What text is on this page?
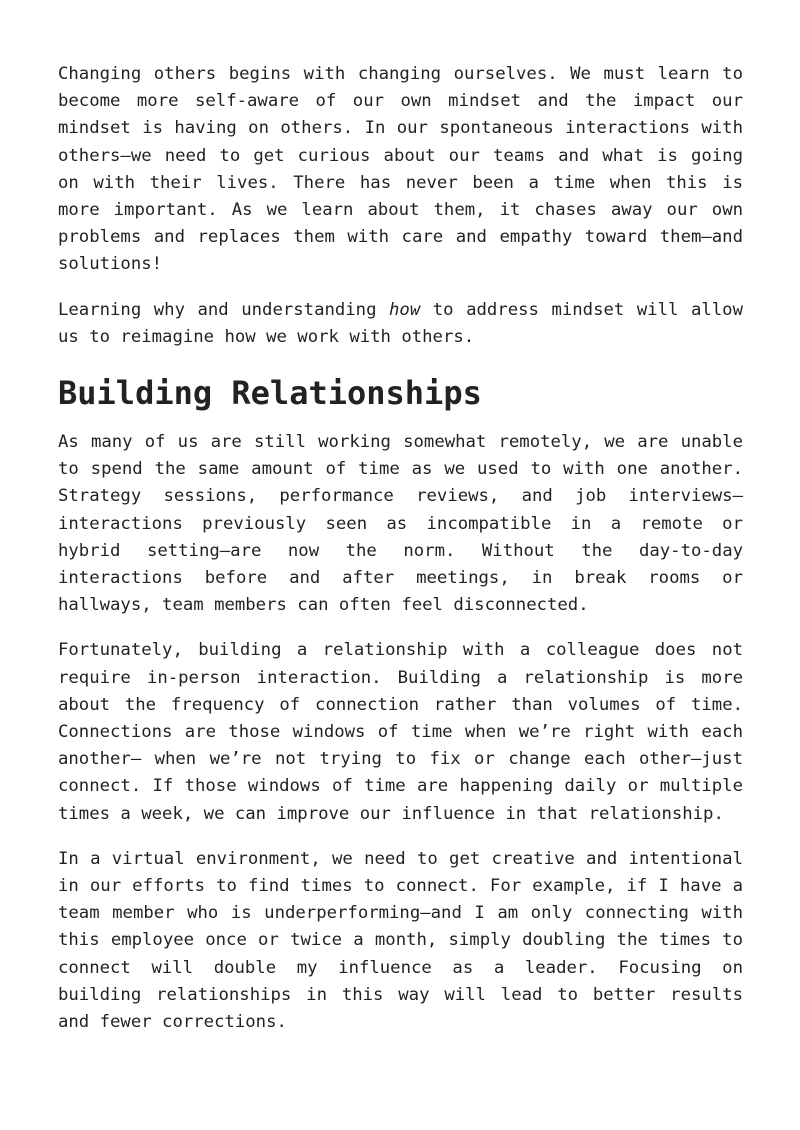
Changing others begins with changing ourselves. We must learn to become more self-aware of our own mindset and the impact our mindset is having on others. In our spontaneous interactions with others—we need to get curious about our teams and what is going on with their lives. There has never been a time when this is more important. As we learn about them, it chases away our own problems and replaces them with care and empathy toward them—and solutions!

Learning why and understanding how to address mindset will allow us to reimagine how we work with others.

Building Relationships

As many of us are still working somewhat remotely, we are unable to spend the same amount of time as we used to with one another. Strategy sessions, performance reviews, and job interviews—interactions previously seen as incompatible in a remote or hybrid setting—are now the norm. Without the day-to-day interactions before and after meetings, in break rooms or hallways, team members can often feel disconnected.

Fortunately, building a relationship with a colleague does not require in-person interaction. Building a relationship is more about the frequency of connection rather than volumes of time. Connections are those windows of time when we’re right with each another— when we’re not trying to fix or change each other—just connect. If those windows of time are happening daily or multiple times a week, we can improve our influence in that relationship.

In a virtual environment, we need to get creative and intentional in our efforts to find times to connect. For example, if I have a team member who is underperforming—and I am only connecting with this employee once or twice a month, simply doubling the times to connect will double my influence as a leader. Focusing on building relationships in this way will lead to better results and fewer corrections.
